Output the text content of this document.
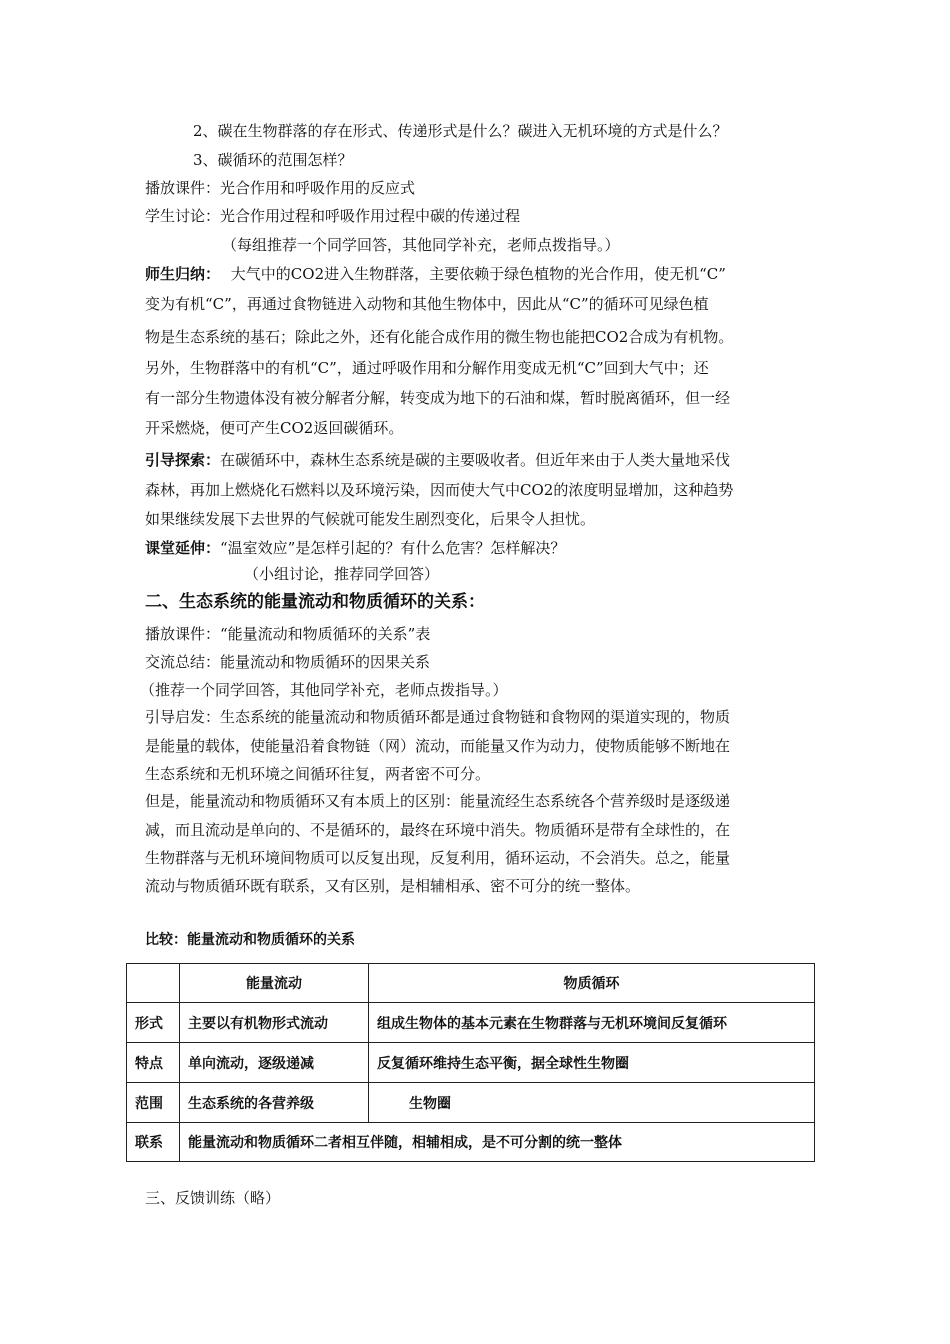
2、碳在生物群落的存在形式、传递形式是什么？碳进入无机环境的方式是什么？
3、碳循环的范围怎样？
播放课件：光合作用和呼吸作用的反应式
学生讨论：光合作用过程和呼吸作用过程中碳的传递过程
（每组推荐一个同学回答，其他同学补充，老师点拨指导。）
师生归纳： 大气中的CO2进入生物群落，主要依赖于绿色植物的光合作用，使无机“C”
变为有机“C”，再通过食物链进入动物和其他生物体中，因此从“C”的循环可见绿色植
物是生态系统的基石；除此之外，还有化能合成作用的微生物也能把CO2合成为有机物。
另外，生物群落中的有机“C”，通过呼吸作用和分解作用变成无机“C”回到大气中；还
有一部分生物遗体没有被分解者分解，转变成为地下的石油和煤，暂时脱离循环，但一经
开采燃烧，便可产生CO2返回碳循环。
引导探索：在碳循环中，森林生态系统是碳的主要吸收者。但近年来由于人类大量地采伐
森林，再加上燃烧化石燃料以及环境污染，因而使大气中CO2的浓度明显增加，这种趋势
如果继续发展下去世界的气候就可能发生剧烈变化，后果令人担忧。
课堂延伸：“温室效应”是怎样引起的？有什么危害？怎样解决？
（小组讨论，推荐同学回答）
二、生态系统的能量流动和物质循环的关系：
播放课件：“能量流动和物质循环的关系”表
交流总结：能量流动和物质循环的因果关系
（推荐一个同学回答，其他同学补充，老师点拨指导。）
引导启发：生态系统的能量流动和物质循环都是通过食物链和食物网的渠道实现的，物质
是能量的载体，使能量沿着食物链（网）流动，而能量又作为动力，使物质能够不断地在
生态系统和无机环境之间循环往复，两者密不可分。
但是，能量流动和物质循环又有本质上的区别：能量流经生态系统各个营养级时是逐级递
减，而且流动是单向的、不是循环的，最终在环境中消失。物质循环是带有全球性的，在
生物群落与无机环境间物质可以反复出现，反复利用，循环运动，不会消失。总之，能量
流动与物质循环既有联系，又有区别，是相辅相承、密不可分的统一整体。
比较：能量流动和物质循环的关系
	能量流动	物质循环
形式	主要以有机物形式流动	组成生物体的基本元素在生物群落与无机环境间反复循环
特点	单向流动，逐级递减	反复循环维持生态平衡，据全球性生物圈
范围	生态系统的各营养级	生物圈
联系	能量流动和物质循环二者相互伴随，相辅相成，是不可分割的统一整体	
三、反馈训练（略）
